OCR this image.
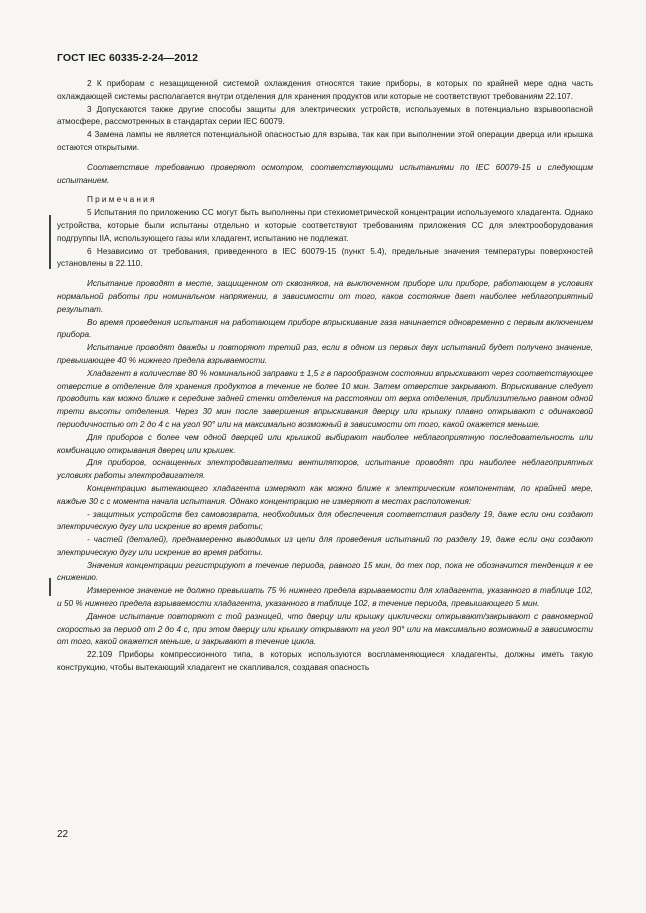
ГОСТ IEC 60335-2-24—2012

2 К приборам с незащищенной системой охлаждения относятся такие приборы, в которых по крайней мере одна часть охлаждающей системы располагается внутри отделения для хранения продуктов или которые не соответствуют требованиям 22.107.

3 Допускаются также другие способы защиты для электрических устройств, используемых в потенциально взрывоопасной атмосфере, рассмотренных в стандартах серии IEC 60079.

4 Замена лампы не является потенциальной опасностью для взрыва, так как при выполнении этой операции дверца или крышка остаются открытыми.

Соответствие требованию проверяют осмотром, соответствующими испытаниями по IEC 60079-15 и следующим испытанием.

Примечания

5 Испытания по приложению CC могут быть выполнены при стехиометрической концентрации используемого хладагента. Однако устройства, которые были испытаны отдельно и которые соответствуют требованиям приложения CC для электрооборудования подгруппы IIA, использующего газы или хладагент, испытанию не подлежат.

6 Независимо от требования, приведенного в IEC 60079-15 (пункт 5.4), предельные значения температуры поверхностей установлены в 22.110.

Испытание проводят в месте, защищенном от сквозняков, на выключенном приборе или приборе, работающем в условиях нормальной работы при номинальном напряжении, в зависимости от того, каков состояние дает наиболее неблагоприятный результат.

Во время проведения испытания на работающем приборе впрыскивание газа начинается одновременно с первым включением прибора.

Испытание проводят дважды и повторяют третий раз, если в одном из первых двух испытаний будет получено значение, превышающее 40 % нижнего предела взрываемости.

Хладагент в количестве 80 % номинальной заправки ± 1,5 г в парообразном состоянии впрыскивают через соответствующее отверстие в отделение для хранения продуктов в течение не более 10 мин. Затем отверстие закрывают. Впрыскивание следует проводить как можно ближе к середине задней стенки отделения на расстоянии от верха отделения, приблизительно равном одной трети высоты отделения. Через 30 мин после завершения впрыскивания дверцу или крышку плавно открывают с одинаковой периодичностью от 2 до 4 с на угол 90° или на максимально возможный в зависимости от того, какой окажется меньше.

Для приборов с более чем одной дверцей или крышкой выбирают наиболее неблагоприятную последовательность или комбинацию открывания дверец или крышек.

Для приборов, оснащенных электродвигателями вентиляторов, испытание проводят при наиболее неблагоприятных условиях работы электродвигателя.

Концентрацию вытекающего хладагента измеряют как можно ближе к электрическим компонентам, по крайней мере, каждые 30 с с момента начала испытания. Однако концентрацию не измеряют в местах расположения:

- защитных устройств без самовозврата, необходимых для обеспечения соответствия разделу 19, даже если они создают электрическую дугу или искрение во время работы;

- частей (деталей), преднамеренно выводимых из цепи для проведения испытаний по разделу 19, даже если они создают электрическую дугу или искрение во время работы.

Значения концентрации регистрируют в течение периода, равного 15 мин, до тех пор, пока не обозначится тенденция к ее снижению.

Измеренное значение не должно превышать 75 % нижнего предела взрываемости для хладагента, указанного в таблице 102, и 50 % нижнего предела взрываемости хладагента, указанного в таблице 102, в течение периода, превышающего 5 мин.

Данное испытание повторяют с той разницей, что дверцу или крышку циклически открывают/закрывают с равномерной скоростью за период от 2 до 4 с, при этом дверцу или крышку открывают на угол 90° или на максимально возможный в зависимости от того, какой окажется меньше, и закрывают в течение цикла.

22.109 Приборы компрессионного типа, в которых используются воспламеняющиеся хладагенты, должны иметь такую конструкцию, чтобы вытекающий хладагент не скапливался, создавая опасность

22
